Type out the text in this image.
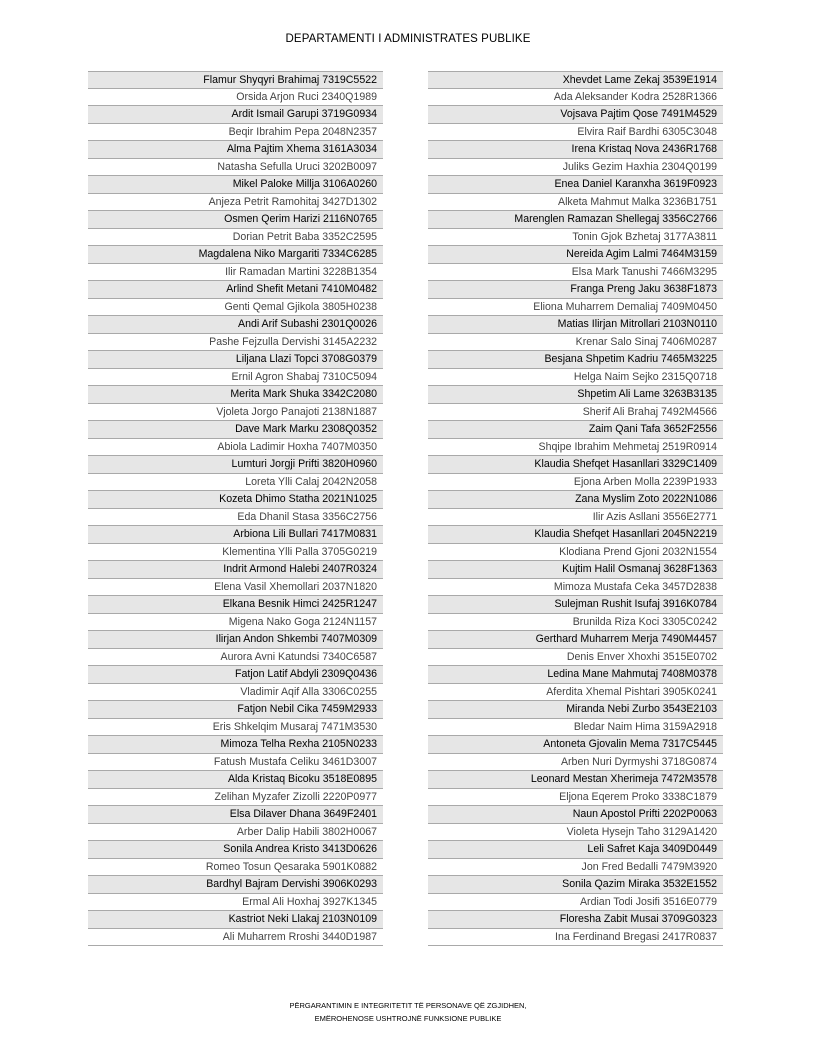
DEPARTAMENTI I ADMINISTRATES PUBLIKE
Flamur Shyqyri Brahimaj 7319C5522
Orsida Arjon Ruci 2340Q1989
Ardit Ismail Garupi 3719G0934
Beqir Ibrahim Pepa 2048N2357
Alma Pajtim Xhema 3161A3034
Natasha Sefulla Uruci 3202B0097
Mikel Paloke Millja 3106A0260
Anjeza Petrit Ramohitaj 3427D1302
Osmen Qerim Harizi 2116N0765
Dorian Petrit Baba 3352C2595
Magdalena Niko Margariti 7334C6285
Ilir Ramadan Martini 3228B1354
Arlind Shefit Metani 7410M0482
Genti Qemal Gjikola 3805H0238
Andi Arif Subashi 2301Q0026
Pashe Fejzulla Dervishi 3145A2232
Liljana Llazi Topci 3708G0379
Ernil Agron Shabaj 7310C5094
Merita Mark Shuka 3342C2080
Vjoleta Jorgo Panajoti 2138N1887
Dave Mark Marku 2308Q0352
Abiola Ladimir Hoxha 7407M0350
Lumturi Jorgji Prifti 3820H0960
Loreta Ylli Calaj 2042N2058
Kozeta Dhimo Statha 2021N1025
Eda Dhanil Stasa 3356C2756
Arbiona Lili Bullari 7417M0831
Klementina Ylli Palla 3705G0219
Indrit Armond Halebi 2407R0324
Elena Vasil Xhemollari 2037N1820
Elkana Besnik Himci 2425R1247
Migena Nako Goga 2124N1157
Ilirjan Andon Shkembi 7407M0309
Aurora Avni Katundsi 7340C6587
Fatjon Latif Abdyli 2309Q0436
Vladimir Aqif Alla 3306C0255
Fatjon Nebil Cika 7459M2933
Eris Shkelqim Musaraj 7471M3530
Mimoza Telha Rexha 2105N0233
Fatush Mustafa Celiku 3461D3007
Alda Kristaq Bicoku 3518E0895
Zelihan Myzafer Zizolli 2220P0977
Elsa Dilaver Dhana 3649F2401
Arber Dalip Habili 3802H0067
Sonila Andrea Kristo 3413D0626
Romeo Tosun Qesaraka 5901K0882
Bardhyl Bajram Dervishi 3906K0293
Ermal Ali Hoxhaj 3927K1345
Kastriot Neki Llakaj 2103N0109
Ali Muharrem Rroshi 3440D1987
Xhevdet Lame Zekaj 3539E1914
Ada Aleksander Kodra 2528R1366
Vojsava Pajtim Qose 7491M4529
Elvira Raif Bardhi 6305C3048
Irena Kristaq Nova 2436R1768
Juliks Gezim Haxhia 2304Q0199
Enea Daniel Karanxha 3619F0923
Alketa Mahmut Malka 3236B1751
Marenglen Ramazan Shellegaj 3356C2766
Tonin Gjok Bzhetaj 3177A3811
Nereida Agim Lalmi 7464M3159
Elsa Mark Tanushi 7466M3295
Franga Preng Jaku 3638F1873
Eliona Muharrem Demaliaj 7409M0450
Matias Ilirjan Mitrollari 2103N0110
Krenar Salo Sinaj 7406M0287
Besjana Shpetim Kadriu 7465M3225
Helga Naim Sejko 2315Q0718
Shpetim Ali Lame 3263B3135
Sherif Ali Brahaj 7492M4566
Zaim Qani Tafa 3652F2556
Shqipe Ibrahim Mehmetaj 2519R0914
Klaudia Shefqet Hasanllari 3329C1409
Ejona Arben Molla 2239P1933
Zana Myslim Zoto 2022N1086
Ilir Azis Asllani 3556E2771
Klaudia Shefqet Hasanllari 2045N2219
Klodiana Prend Gjoni 2032N1554
Kujtim Halil Osmanaj 3628F1363
Mimoza Mustafa Ceka 3457D2838
Sulejman Rushit Isufaj 3916K0784
Brunilda Riza Koci 3305C0242
Gerthard Muharrem Merja 7490M4457
Denis Enver Xhoxhi 3515E0702
Ledina Mane Mahmutaj 7408M0378
Aferdita Xhemal Pishtari 3905K0241
Miranda Nebi Zurbo 3543E2103
Bledar Naim Hima 3159A2918
Antoneta Gjovalin Mema 7317C5445
Arben Nuri Dyrmyshi 3718G0874
Leonard Mestan Xherimeja 7472M3578
Eljona Eqerem Proko 3338C1879
Naun Apostol Prifti 2202P0063
Violeta Hysejn Taho 3129A1420
Leli Safret Kaja 3409D0449
Jon Fred Bedalli 7479M3920
Sonila Qazim Miraka 3532E1552
Ardian Todi Josifi 3516E0779
Floresha Zabit Musai 3709G0323
Ina Ferdinand Bregasi 2417R0837
PËRGARANTIMIN E INTEGRITETIT TË PERSONAVE QË ZGJIDHEN,
EMËROHENOSE USHTROJNË FUNKSIONE PUBLIKE
